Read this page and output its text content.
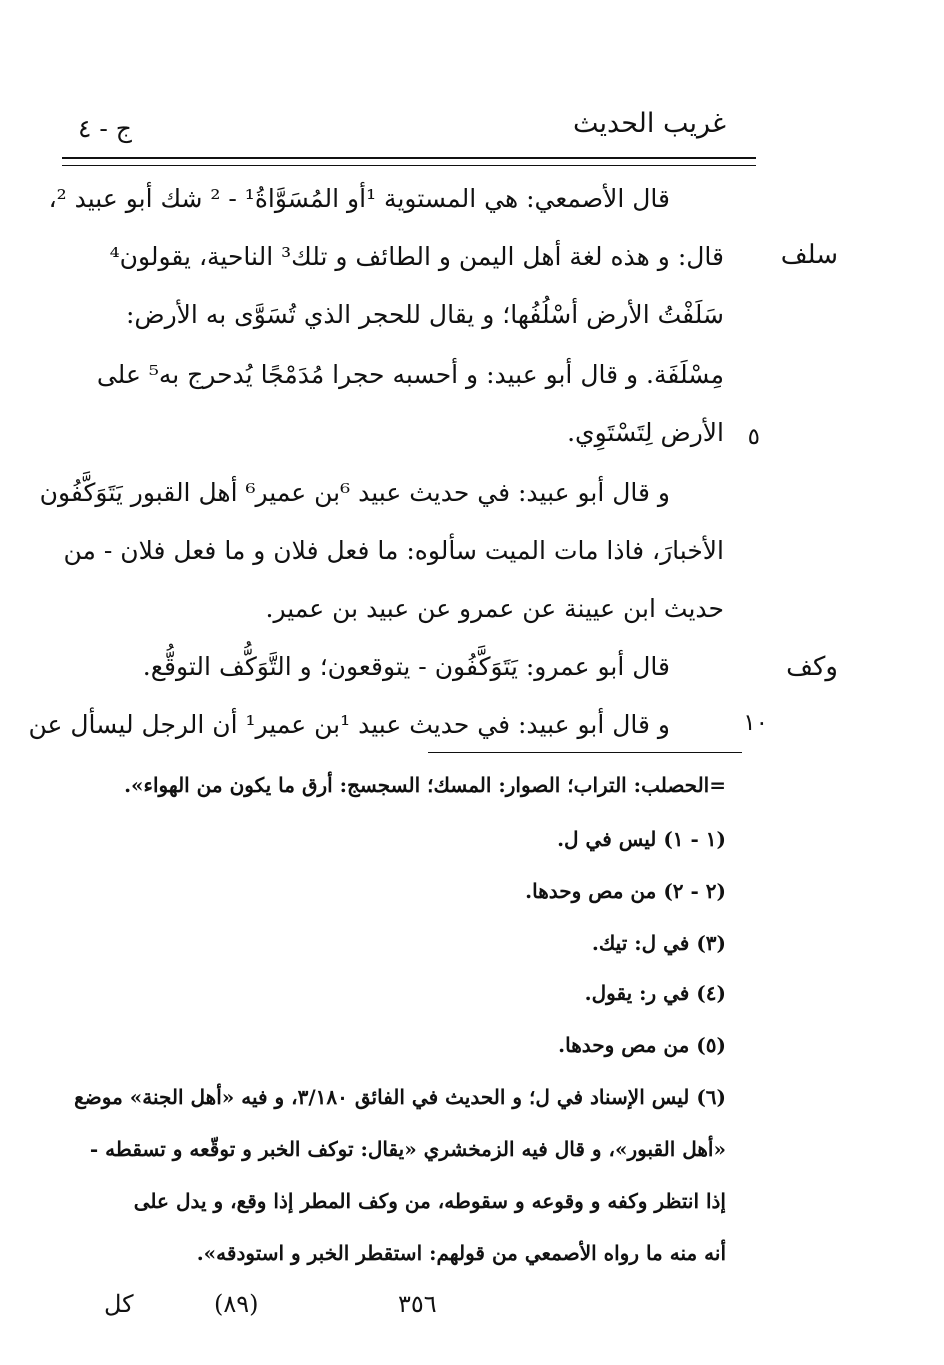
غريب الحديث
ج - ٤
سلف
وكف
٥
١٠
قال الأصمعي: هي المستوية ¹أو المُسَوَّاةُ¹ - ² شك أبو عبيد ²،
قال: و هذه لغة أهل اليمن و الطائف و تلك³ الناحية، يقولون⁴
سَلَفْتُ الأرض أسْلُفُها؛ و يقال للحجر الذي تُسَوَّى به الأرض:
مِسْلَفَة. و قال أبو عبيد: و أحسبه حجرا مُدَمْجًا يُدحرج به⁵ على
الأرض لِتَسْتَوِي.
و قال أبو عبيد: في حديث عبيد ⁶بن عمير⁶ أهل القبور يَتَوَكَّفُون
الأخبارَ، فاذا مات الميت سألوه: ما فعل فلان و ما فعل فلان - من
حديث ابن عيينة عن عمرو عن عبيد بن عمير.
قال أبو عمرو: يَتَوَكَّفُون - يتوقعون؛ و التَّوَكُّف التوقُّع.
و قال أبو عبيد: في حديث عبيد ¹بن عمير¹ أن الرجل ليسأل عن
=الحصلب: التراب؛ الصوار: المسك؛ السجسج: أرق ما يكون من الهواء».
(١ - ١) ليس في ل.
(٢ - ٢) من مص وحدها.
(٣) في ل: تيك.
(٤) في ر: يقول.
(٥) من مص وحدها.
(٦) ليس الإسناد في ل؛ و الحديث في الفائق ٣/١٨٠، و فيه «أهل الجنة» موضع
«أهل القبور»، و قال فيه الزمخشري «يقال: توكف الخبر و توقّعه و تسقطه -
إذا انتظر وكفه و وقوعه و سقوطه، من وكف المطر إذا وقع، و يدل على
أنه منه ما رواه الأصمعي من قولهم: استقطر الخبر و استودقه».
٣٥٦
(٨٩)
كل
